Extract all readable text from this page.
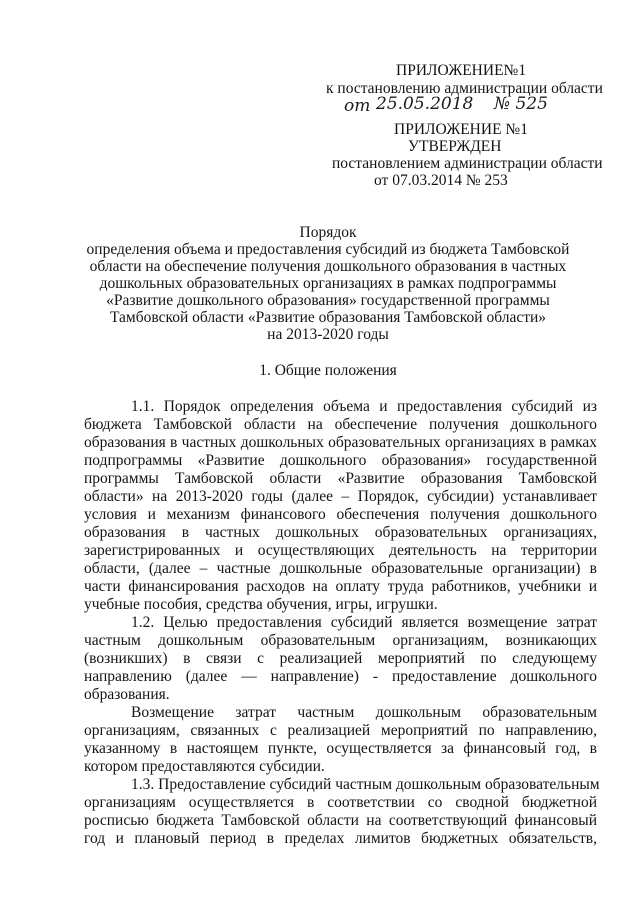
ПРИЛОЖЕНИЕ№1
к постановлению администрации области
от 25.05.2018 № 525
ПРИЛОЖЕНИЕ №1
УТВЕРЖДЕН
постановлением администрации области
от 07.03.2014 № 253
Порядок
определения объема и предоставления субсидий из бюджета Тамбовской
области на обеспечение получения дошкольного образования в частных
дошкольных образовательных организациях в рамках подпрограммы
«Развитие дошкольного образования» государственной программы
Тамбовской области «Развитие образования Тамбовской области»
на 2013-2020 годы
1. Общие положения
1.1. Порядок определения объема и предоставления субсидий из
бюджета Тамбовской области на обеспечение получения дошкольного
образования в частных дошкольных образовательных организациях в рамках
подпрограммы «Развитие дошкольного образования» государственной
программы Тамбовской области «Развитие образования Тамбовской
области» на 2013-2020 годы (далее – Порядок, субсидии) устанавливает
условия и механизм финансового обеспечения получения дошкольного
образования в частных дошкольных образовательных организациях,
зарегистрированных и осуществляющих деятельность на территории
области, (далее – частные дошкольные образовательные организации) в
части финансирования расходов на оплату труда работников, учебники и
учебные пособия, средства обучения, игры, игрушки.
1.2. Целью предоставления субсидий является возмещение затрат
частным дошкольным образовательным организациям, возникающих
(возникших) в связи с реализацией мероприятий по следующему
направлению (далее — направление) - предоставление дошкольного
образования.
Возмещение затрат частным дошкольным образовательным
организациям, связанных с реализацией мероприятий по направлению,
указанному в настоящем пункте, осуществляется за финансовый год, в
котором предоставляются субсидии.
1.3. Предоставление субсидий частным дошкольным образовательным
организациям осуществляется в соответствии со сводной бюджетной
росписью бюджета Тамбовской области на соответствующий финансовый
год и плановый период в пределах лимитов бюджетных обязательств,
